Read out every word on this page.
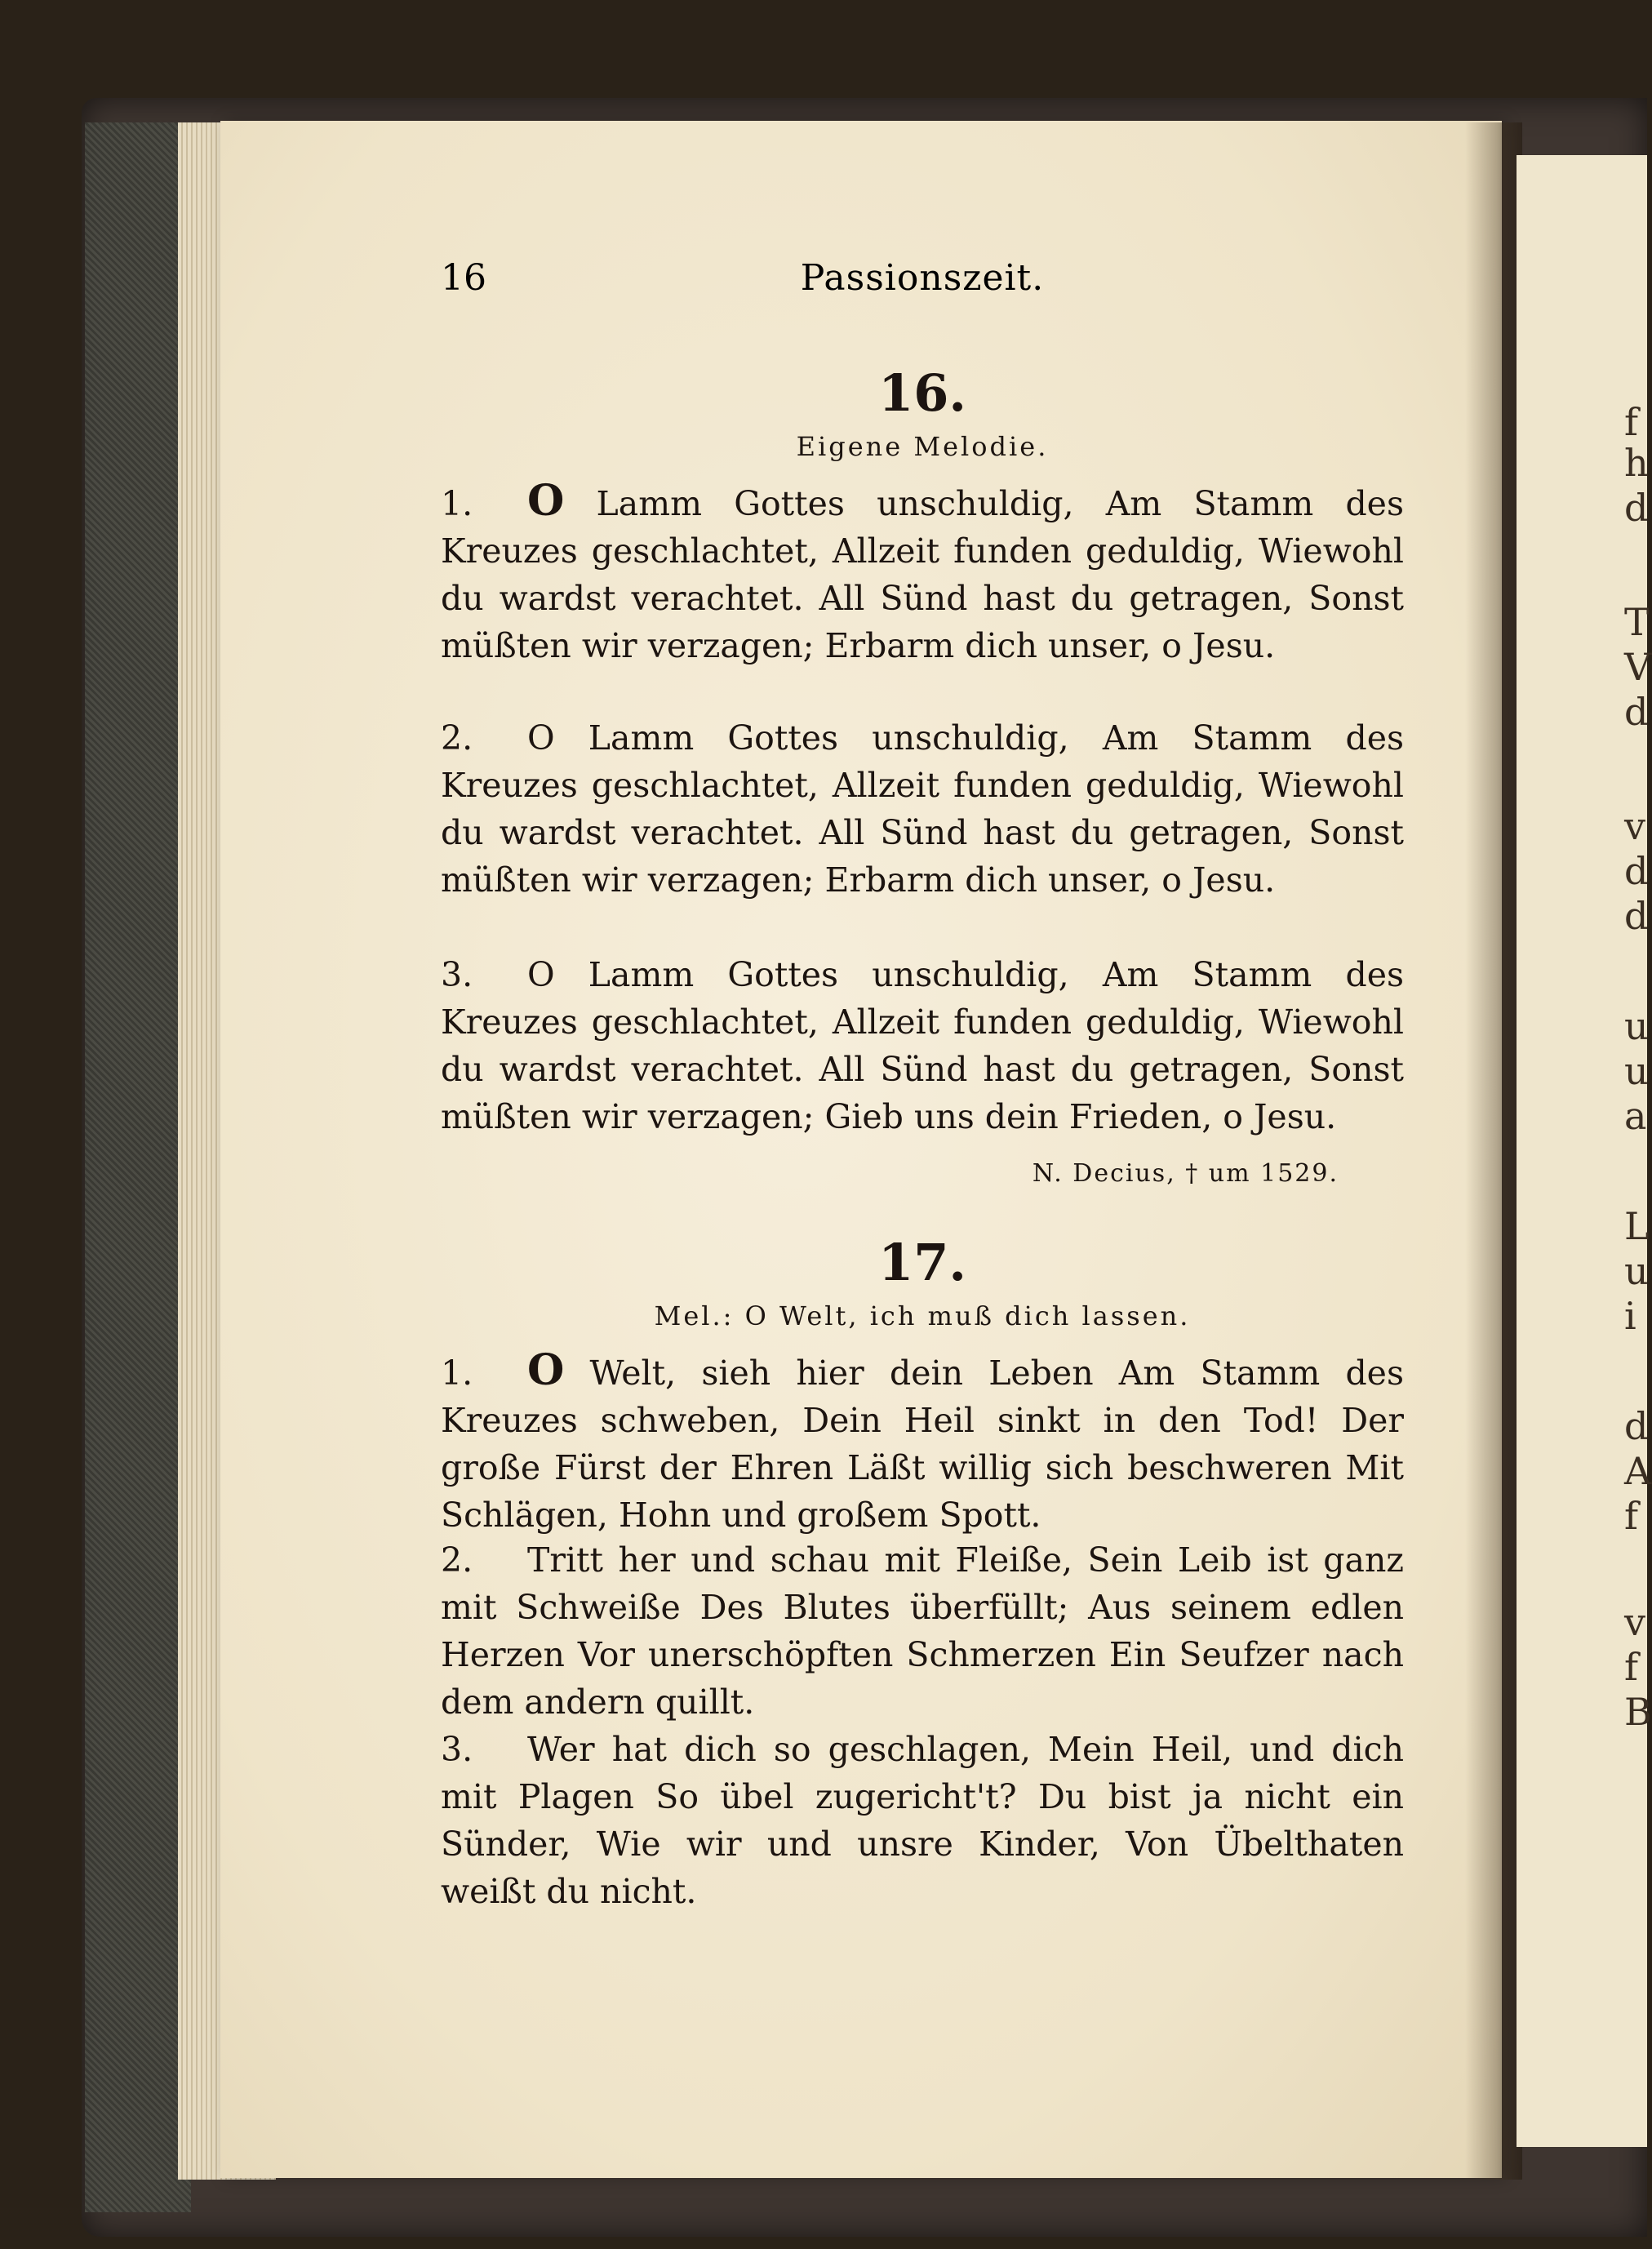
f
h
d
T
V
d
v
d
d
u
u
a
L
u
i
d
A
f
v
f
B
16	Passionszeit.
16.
Eigene Melodie.
1. O Lamm Gottes unschuldig, Am Stamm des Kreuzes geschlachtet, Allzeit funden geduldig, Wiewohl du wardst verachtet. All Sünd hast du getragen, Sonst müßten wir verzagen; Erbarm dich unser, o Jesu.
2. O Lamm Gottes unschuldig, Am Stamm des Kreuzes geschlachtet, Allzeit funden geduldig, Wiewohl du wardst verachtet. All Sünd hast du getragen, Sonst müßten wir verzagen; Erbarm dich unser, o Jesu.
3. O Lamm Gottes unschuldig, Am Stamm des Kreuzes geschlachtet, Allzeit funden geduldig, Wiewohl du wardst verachtet. All Sünd hast du getragen, Sonst müßten wir verzagen; Gieb uns dein Frieden, o Jesu.
N. Decius, † um 1529.
17.
Mel.: O Welt, ich muß dich lassen.
1. O Welt, sieh hier dein Leben Am Stamm des Kreuzes schweben, Dein Heil sinkt in den Tod! Der große Fürst der Ehren Läßt willig sich beschweren Mit Schlägen, Hohn und großem Spott.
2. Tritt her und schau mit Fleiße, Sein Leib ist ganz mit Schweiße Des Blutes überfüllt; Aus seinem edlen Herzen Vor unerschöpften Schmerzen Ein Seufzer nach dem andern quillt.
3. Wer hat dich so geschlagen, Mein Heil, und dich mit Plagen So übel zugericht't? Du bist ja nicht ein Sünder, Wie wir und unsre Kinder, Von Übelthaten weißt du nicht.
